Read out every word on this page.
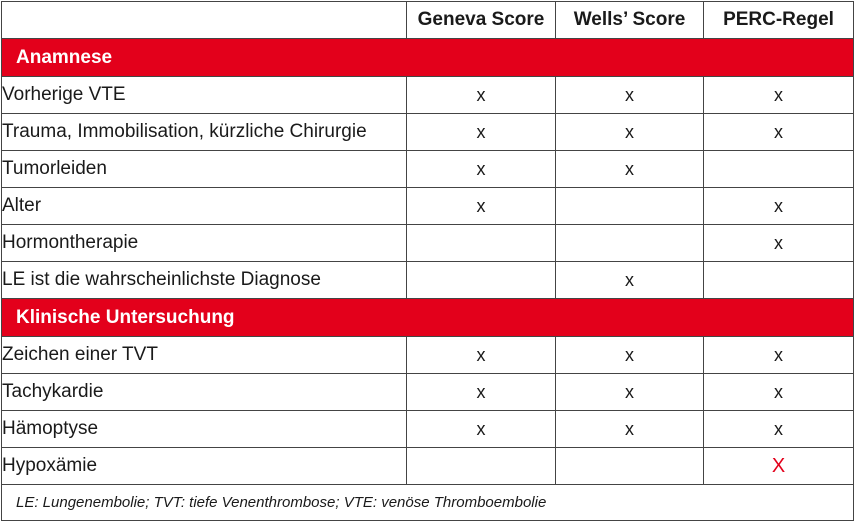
	Geneva Score	Wells’ Score	PERC-Regel
Anamnese			
Vorherige VTE	x	x	x
Trauma, Immobilisation, kürzliche Chirurgie	x	x	x
Tumorleiden	x	x	
Alter	x		x
Hormontherapie			x
LE ist die wahrscheinlichste Diagnose		x	
Klinische Untersuchung			
Zeichen einer TVT	x	x	x
Tachykardie	x	x	x
Hämoptyse	x	x	x
Hypoxämie			X
LE: Lungenembolie; TVT: tiefe Venenthrombose; VTE: venöse Thromboembolie			
